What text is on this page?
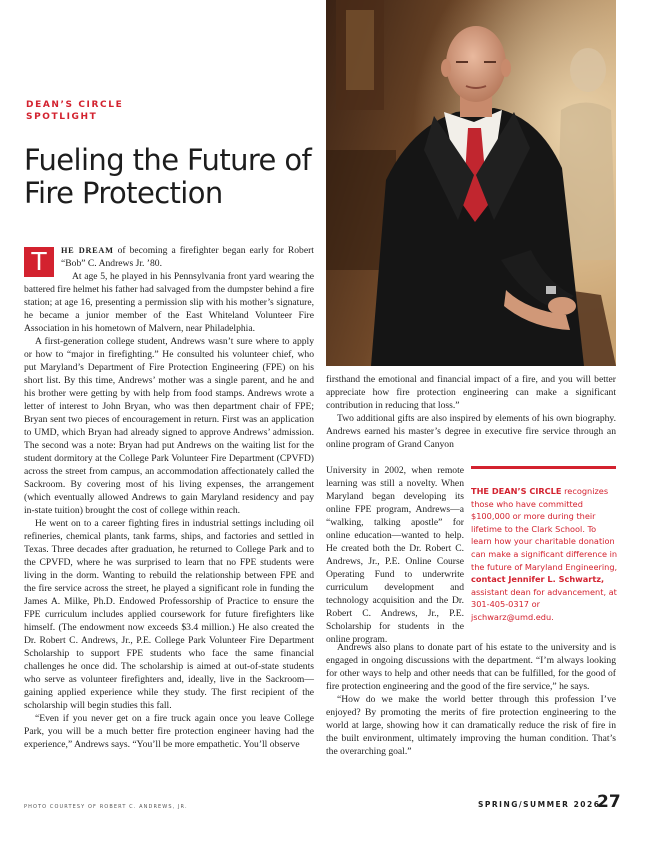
DEAN’S CIRCLE
SPOTLIGHT
Fueling the Future of Fire Protection

T	HE DREAM of becoming a firefighter began early for Robert “Bob” C. Andrews Jr. ’80.

At age 5, he played in his Pennsylvania front yard wearing the battered fire helmet his father had salvaged from the dumpster behind a fire station; at age 16, presenting a permission slip with his mother’s signature, he became a junior member of the East Whiteland Volunteer Fire Association in his hometown of Malvern, near Philadelphia.

A first-generation college student, Andrews wasn’t sure where to apply or how to “major in firefighting.” He consulted his volunteer chief, who put Maryland’s Department of Fire Protection Engineering (FPE) on his short list. By this time, Andrews’ mother was a single parent, and he and his brother were getting by with help from food stamps. Andrews wrote a letter of interest to John Bryan, who was then department chair of FPE; Bryan sent two pieces of encouragement in return. First was an application to UMD, which Bryan had already signed to approve Andrews’ admission. The second was a note: Bryan had put Andrews on the waiting list for the student dormitory at the College Park Volunteer Fire Department (CPVFD) across the street from campus, an accommodation affectionately called the Sackroom. By covering most of his living expenses, the arrangement (which eventually allowed Andrews to gain Maryland residency and pay in-state tuition) brought the cost of college within reach.

He went on to a career fighting fires in industrial settings including oil refineries, chemical plants, tank farms, ships, and factories and settled in Texas. Three decades after graduation, he returned to College Park and to the CPVFD, where he was surprised to learn that no FPE students were living in the dorm. Wanting to rebuild the relationship between FPE and the fire service across the street, he played a significant role in funding the James A. Milke, Ph.D. Endowed Professorship of Practice to ensure the FPE curriculum includes applied coursework for future firefighters like himself. (The endowment now exceeds $3.4 million.) He also created the Dr. Robert C. Andrews, Jr., P.E. College Park Volunteer Fire Department Scholarship to support FPE students who face the same financial challenges he once did. The scholarship is aimed at out-of-state students who serve as volunteer firefighters and, ideally, live in the Sackroom—gaining applied experience while they study. The first recipient of the scholarship will begin studies this fall.

“Even if you never get on a fire truck again once you leave College Park, you will be a much better fire protection engineer having had the experience,” Andrews says. “You’ll be more empathetic. You’ll observe

firsthand the emotional and financial impact of a fire, and you will better appreciate how fire protection engineering can make a significant contribution in reducing that loss.”

Two additional gifts are also inspired by elements of his own biography. Andrews earned his master’s degree in executive fire service through an online program of Grand Canyon

University in 2002, when remote learning was still a novelty. When Maryland began developing its online FPE program, Andrews—a “walking, talking apostle” for online education—wanted to help. He created both the Dr. Robert C. Andrews, Jr., P.E. Online Course Operating Fund to underwrite curriculum development and technology acquisition and the Dr. Robert C. Andrews, Jr., P.E. Scholarship for students in the online program.

THE DEAN’S CIRCLE recognizes those who have committed $100,000 or more during their lifetime to the Clark School. To learn how your charitable donation can make a significant difference in the future of Maryland Engineering, contact Jennifer L. Schwartz, assistant dean for advancement, at 301-405-0317 or jschwarz@umd.edu.

Andrews also plans to donate part of his estate to the university and is engaged in ongoing discussions with the department. “I’m always looking for other ways to help and other needs that can be fulfilled, for the good of fire protection engineering and the good of the fire service,” he says.

“How do we make the world better through this profession I’ve enjoyed? By promoting the merits of fire protection engineering to the world at large, showing how it can dramatically reduce the risk of fire in the built environment, ultimately improving the human condition. That’s the overarching goal.”

PHOTO COURTESY OF ROBERT C. ANDREWS, JR.	SPRING/SUMMER 2026
27
